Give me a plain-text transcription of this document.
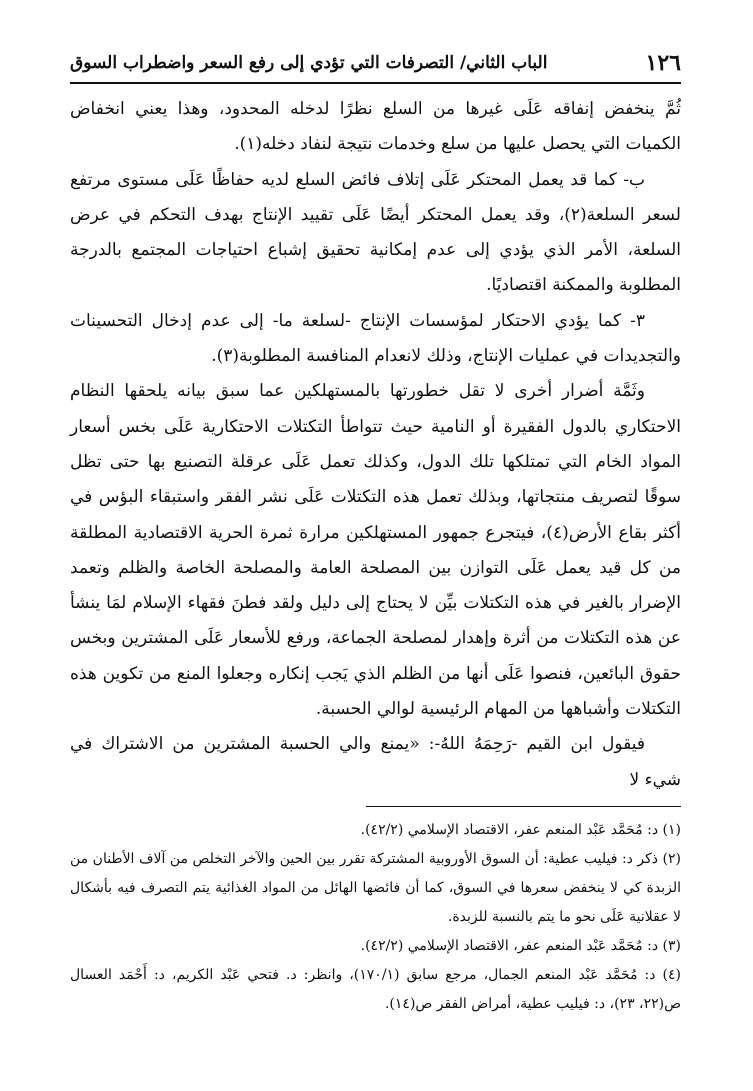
١٢٦
الباب الثاني/ التصرفات التي تؤدي إلى رفع السعر واضطراب السوق

ثُمَّ ينخفض إنفاقه عَلَى غيرها من السلع نظرًا لدخله المحدود، وهذا يعني انخفاض الكميات التي يحصل عليها من سلع وخدمات نتيجة لنفاد دخله(١).

ب- كما قد يعمل المحتكر عَلَى إتلاف فائض السلع لديه حفاظًا عَلَى مستوى مرتفع لسعر السلعة(٢)، وقد يعمل المحتكر أيضًا عَلَى تقييد الإنتاج بهدف التحكم في عرض السلعة، الأمر الذي يؤدي إلى عدم إمكانية تحقيق إشباع احتياجات المجتمع بالدرجة المطلوبة والممكنة اقتصاديًا.

٣- كما يؤدي الاحتكار لمؤسسات الإنتاج -لسلعة ما- إلى عدم إدخال التحسينات والتجديدات في عمليات الإنتاج، وذلك لانعدام المنافسة المطلوبة(٣).

وثَمَّة أضرار أخرى لا تقل خطورتها بالمستهلكين عما سبق بيانه يلحقها النظام الاحتكاري بالدول الفقيرة أو النامية حيث تتواطأ التكتلات الاحتكارية عَلَى بخس أسعار المواد الخام التي تمتلكها تلك الدول، وكذلك تعمل عَلَى عرقلة التصنيع بها حتى تظل سوقًا لتصريف منتجاتها، وبذلك تعمل هذه التكتلات عَلَى نشر الفقر واستبقاء البؤس في أكثر بقاع الأرض(٤)، فيتجرع جمهور المستهلكين مرارة ثمرة الحرية الاقتصادية المطلقة من كل قيد يعمل عَلَى التوازن بين المصلحة العامة والمصلحة الخاصة والظلم وتعمد الإضرار بالغير في هذه التكتلات بيِّن لا يحتاج إلى دليل ولقد فطنَ فقهاء الإسلام لمَا ينشأ عن هذه التكتلات من أثرة وإهدار لمصلحة الجماعة، ورفع للأسعار عَلَى المشترين وبخس حقوق البائعين، فنصوا عَلَى أنها من الظلم الذي يَجب إنكاره وجعلوا المنع من تكوين هذه التكتلات وأشباهها من المهام الرئيسية لوالي الحسبة.

فيقول ابن القيم -رَحِمَهُ اللهُ-: «يمنع والي الحسبة المشترين من الاشتراك في شيء لا

(١) د: مُحَمَّد عَبْد المنعم عفر، الاقتصاد الإسلامي (٤٢/٢).

(٢) ذكر د: فيليب عطية: أن السوق الأوروبية المشتركة تقرر بين الحين والآخر التخلص من آلاف الأطنان من الزبدة كي لا ينخفض سعرها في السوق، كما أن فائضها الهائل من المواد الغذائية يتم التصرف فيه بأشكال لا عقلانية عَلَى نحو ما يتم بالنسبة للزبدة.

(٣) د: مُحَمَّد عَبْد المنعم عفر، الاقتصاد الإسلامي (٤٢/٢).

(٤) د: مُحَمَّد عَبْد المنعم الجمال، مرجع سابق (١٧٠/١)، وانظر: د. فتحي عَبْد الكريم، د: أَحْمَد العسال ص(٢٢، ٢٣)، د: فيليب عطية، أمراض الفقر ص(١٤).
